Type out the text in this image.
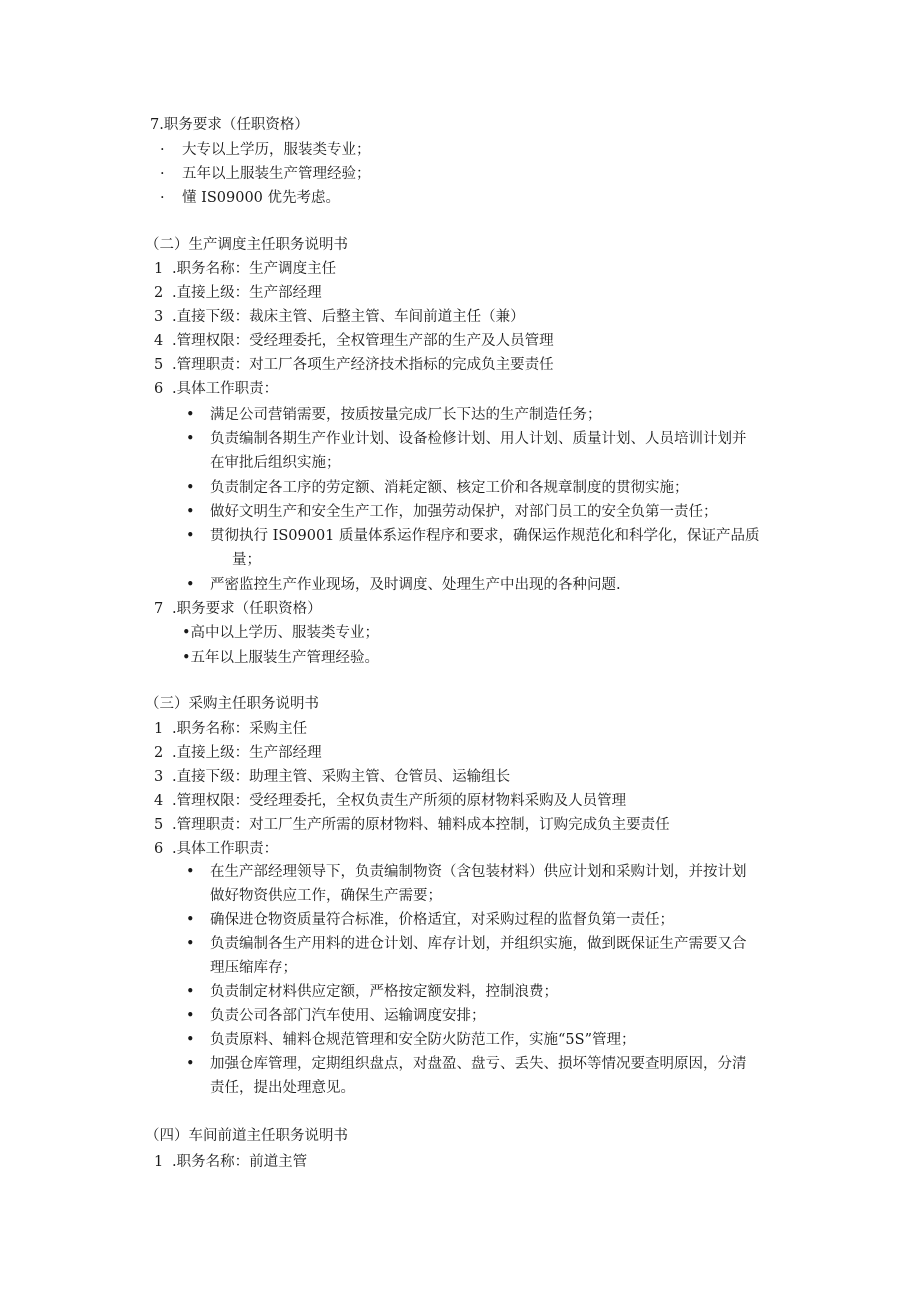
7.职务要求（任职资格）
· 大专以上学历，服装类专业；
· 五年以上服装生产管理经验；
· 懂 IS09000 优先考虑。
（二）生产调度主任职务说明书
1 .职务名称：生产调度主任
2 .直接上级：生产部经理
3 .直接下级：裁床主管、后整主管、车间前道主任（兼）
4 .管理权限：受经理委托，全权管理生产部的生产及人员管理
5 .管理职责：对工厂各项生产经济技术指标的完成负主要责任
6 .具体工作职责：
• 满足公司营销需要，按质按量完成厂长下达的生产制造任务；
• 负责编制各期生产作业计划、设备检修计划、用人计划、质量计划、人员培训计划并
在审批后组织实施；
• 负责制定各工序的劳定额、消耗定额、核定工价和各规章制度的贯彻实施；
• 做好文明生产和安全生产工作，加强劳动保护，对部门员工的安全负第一责任；
• 贯彻执行 IS09001 质量体系运作程序和要求，确保运作规范化和科学化，保证产品质
量；
• 严密监控生产作业现场，及时调度、处理生产中出现的各种问题.
7 .职务要求（任职资格）
•高中以上学历、服装类专业；
•五年以上服装生产管理经验。
（三）采购主任职务说明书
1 .职务名称：采购主任
2 .直接上级：生产部经理
3 .直接下级：助理主管、采购主管、仓管员、运输组长
4 .管理权限：受经理委托，全权负责生产所须的原材物料采购及人员管理
5 .管理职责：对工厂生产所需的原材物料、辅料成本控制，订购完成负主要责任
6 .具体工作职责：
• 在生产部经理领导下，负责编制物资（含包装材料）供应计划和采购计划，并按计划
做好物资供应工作，确保生产需要；
• 确保进仓物资质量符合标准，价格适宜，对采购过程的监督负第一责任；
• 负责编制各生产用料的进仓计划、库存计划，并组织实施，做到既保证生产需要又合
理压缩库存；
• 负责制定材料供应定额，严格按定额发料，控制浪费；
• 负责公司各部门汽车使用、运输调度安排；
• 负责原料、辅料仓规范管理和安全防火防范工作，实施“5S”管理；
• 加强仓库管理，定期组织盘点，对盘盈、盘亏、丢失、损坏等情况要查明原因，分清
责任，提出处理意见。
（四）车间前道主任职务说明书
1 .职务名称：前道主管
